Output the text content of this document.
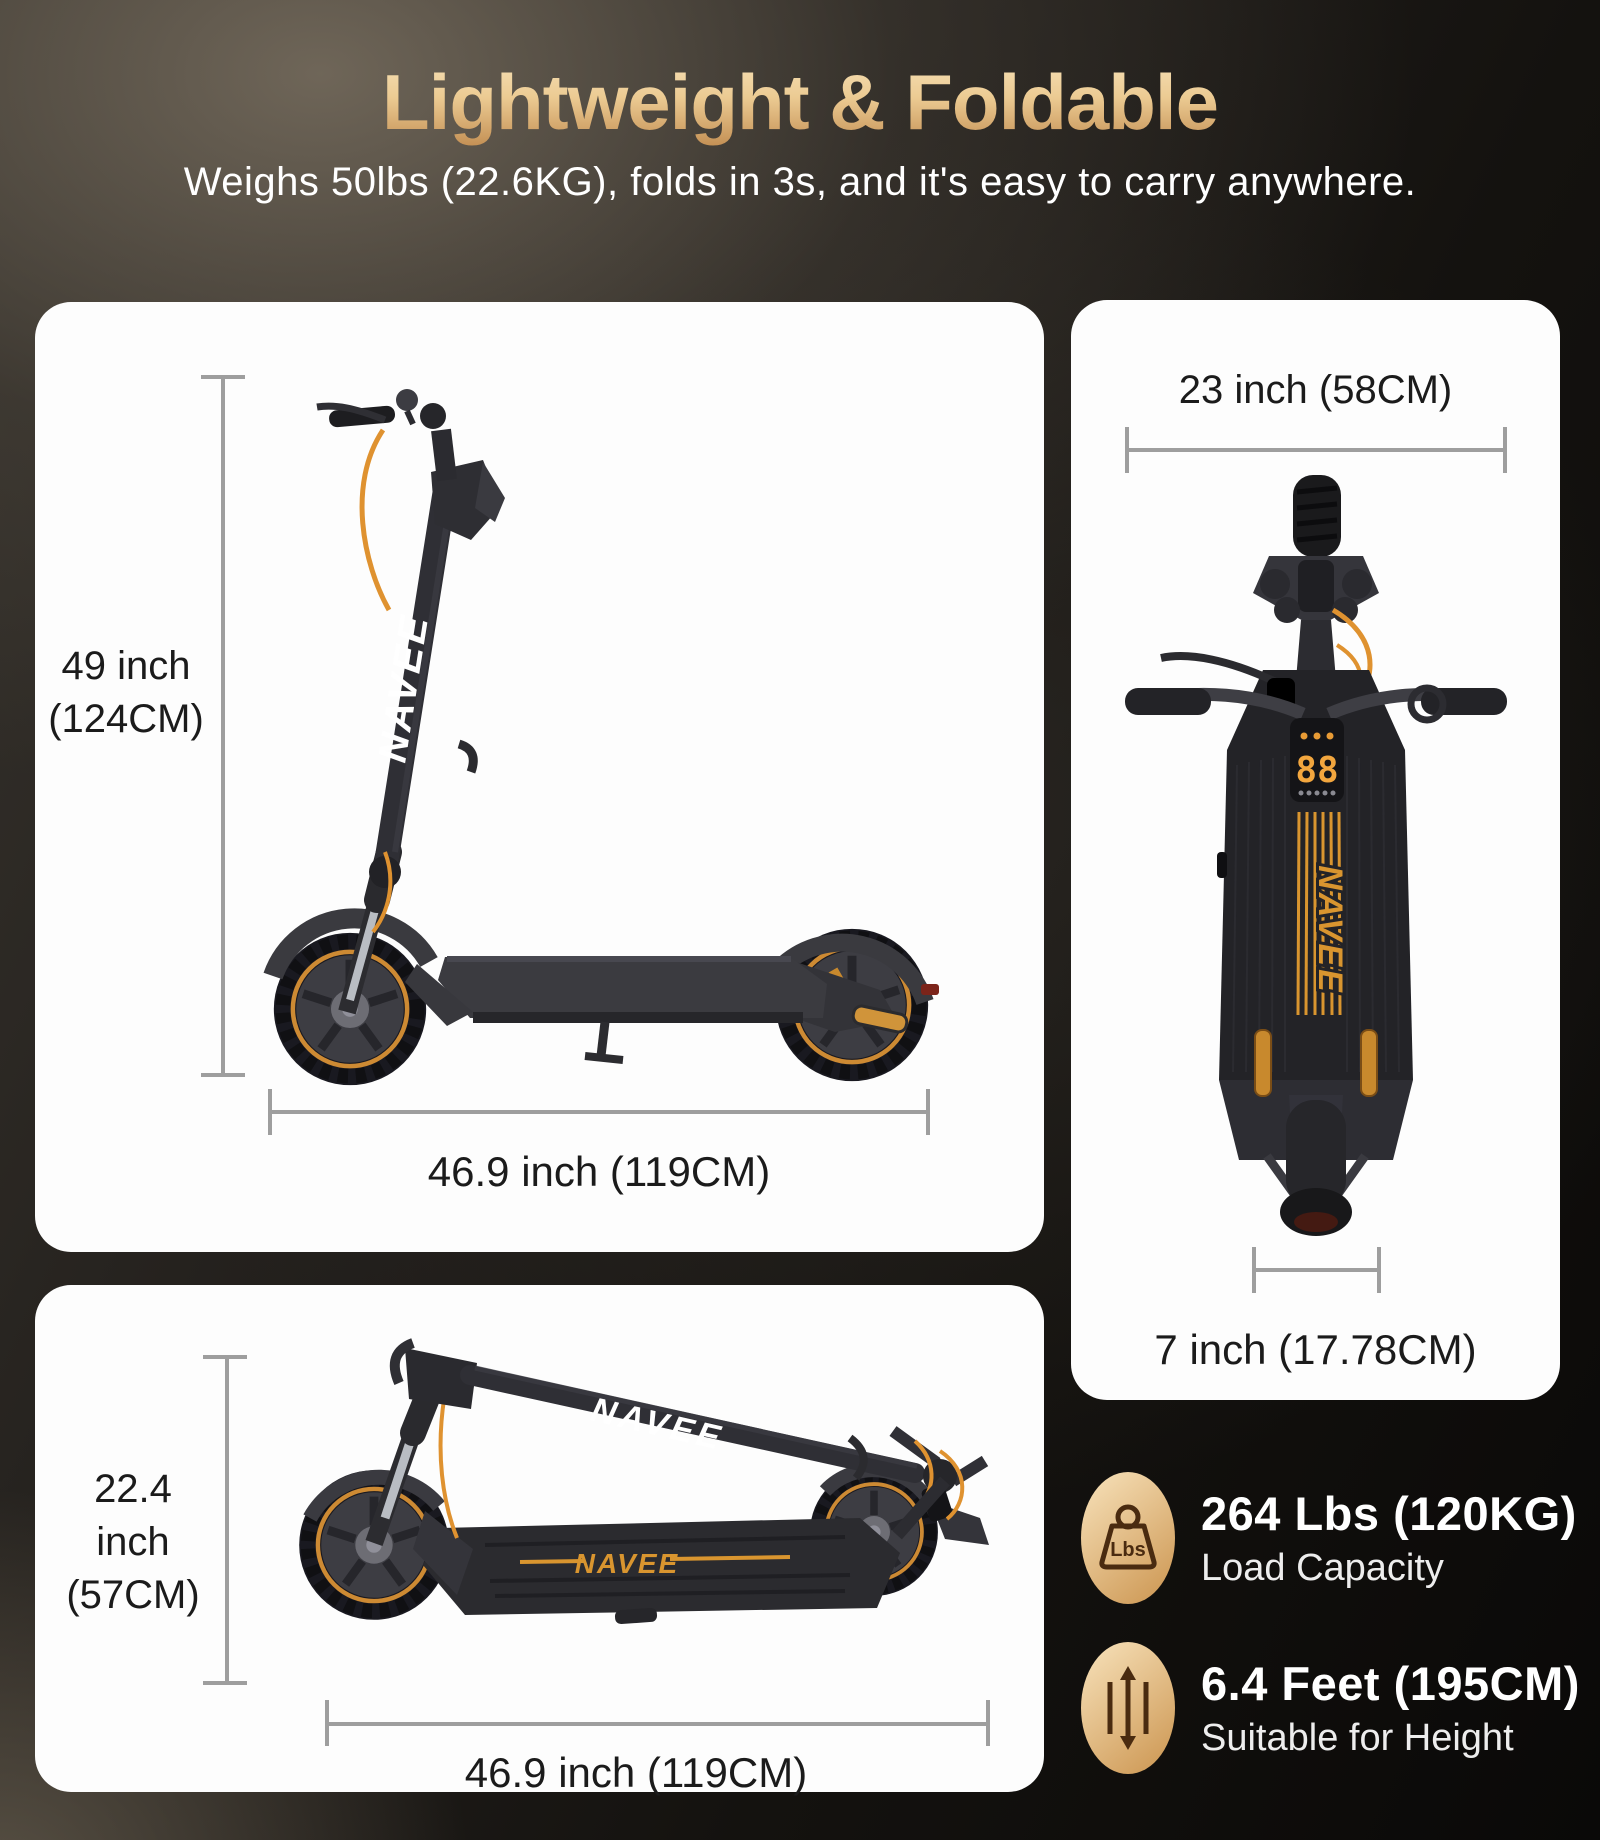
Lightweight & Foldable
Weighs 50lbs (22.6KG), folds in 3s, and it's easy to carry anywhere.
NAVEE
49 inch
(124CM)
46.9 inch (119CM)
23 inch (58CM)
88
NAVEE
7 inch (17.78CM)
NAVEE
NAVEE
22.4
inch
(57CM)
46.9 inch (119CM)
Lbs
264 Lbs (120KG)
Load Capacity
6.4 Feet (195CM)
Suitable for Height
